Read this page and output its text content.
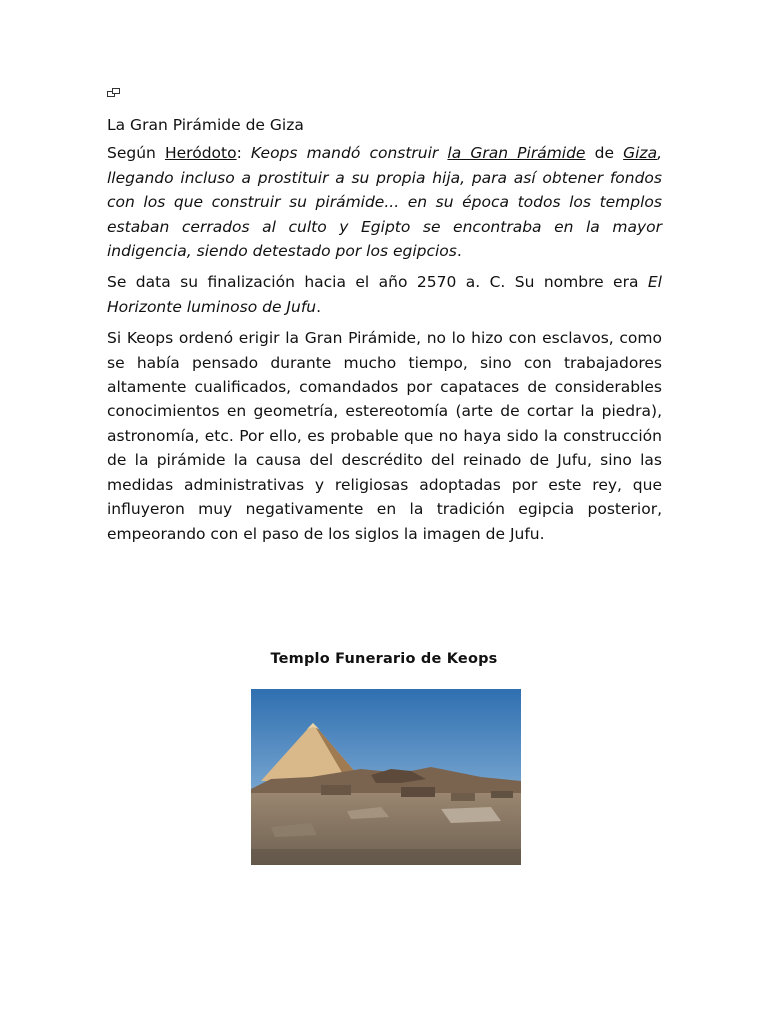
La Gran Pirámide de Giza

Según Heródoto: Keops mandó construir la Gran Pirámide de Giza, llegando incluso a prostituir a su propia hija, para así obtener fondos con los que construir su pirámide... en su época todos los templos estaban cerrados al culto y Egipto se encontraba en la mayor indigencia, siendo detestado por los egipcios.

Se data su finalización hacia el año 2570 a. C. Su nombre era El Horizonte luminoso de Jufu.

Si Keops ordenó erigir la Gran Pirámide, no lo hizo con esclavos, como se había pensado durante mucho tiempo, sino con trabajadores altamente cualificados, comandados por capataces de considerables conocimientos en geometría, estereotomía (arte de cortar la piedra), astronomía, etc. Por ello, es probable que no haya sido la construcción de la pirámide la causa del descrédito del reinado de Jufu, sino las medidas administrativas y religiosas adoptadas por este rey, que influyeron muy negativamente en la tradición egipcia posterior, empeorando con el paso de los siglos la imagen de Jufu.

Templo Funerario de Keops
